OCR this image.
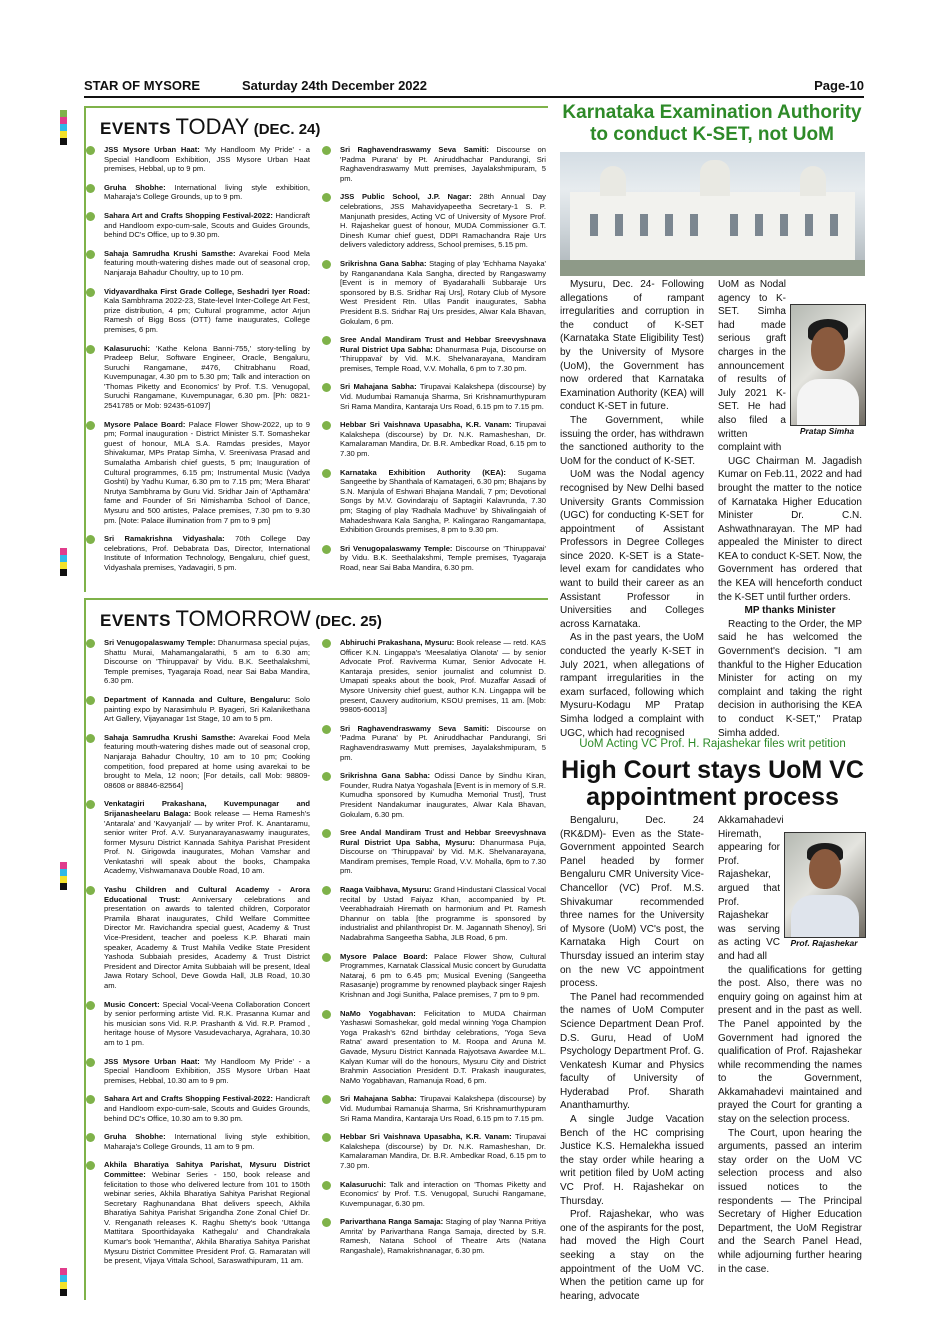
STAR OF MYSORE	Saturday 24th December 2022	Page-10
EVENTS TODAY (DEC. 24)
JSS Mysore Urban Haat: 'My Handloom My Pride' - a Special Handloom Exhibition, JSS Mysore Urban Haat premises, Hebbal, up to 9 pm.
Gruha Shobhe: International living style exhibition, Maharaja's College Grounds, up to 9 pm.
Sahara Art and Crafts Shopping Festival-2022: Handicraft and Handloom expo-cum-sale, Scouts and Guides Grounds, behind DC's Office, up to 9.30 pm.
Sahaja Samrudha Krushi Samsthe: Avarekai Food Mela featuring mouth-watering dishes made out of seasonal crop, Nanjaraja Bahadur Choultry, up to 10 pm.
Vidyavardhaka First Grade College, Seshadri Iyer Road: Kala Sambhrama 2022-23, State-level Inter-College Art Fest, prize distribution, 4 pm; Cultural programme, actor Arjun Ramesh of Bigg Boss (OTT) fame inaugurates, College premises, 6 pm.
Kalasuruchi: 'Kathe Kelona Banni-755,' story-telling by Pradeep Belur, Software Engineer, Oracle, Bengaluru, Suruchi Rangamane, #476, Chitrabhanu Road, Kuvempunagar, 4.30 pm to 5.30 pm; Talk and interaction on 'Thomas Piketty and Economics' by Prof. T.S. Venugopal, Suruchi Rangamane, Kuvempunagar, 6.30 pm. [Ph: 0821-2541785 or Mob: 92435-61097]
Mysore Palace Board: Palace Flower Show-2022, up to 9 pm; Formal inauguration - District Minister S.T. Somashekar guest of honour, MLA S.A. Ramdas presides, Mayor Shivakumar, MPs Pratap Simha, V. Sreenivasa Prasad and Sumalatha Ambarish chief guests, 5 pm; Inauguration of Cultural programmes, 6.15 pm; Instrumental Music (Vadya Goshti) by Yadhu Kumar, 6.30 pm to 7.15 pm; 'Mera Bharat' Nrutya Sambhrama by Guru Vid. Sridhar Jain of 'Apthamāra' fame and Founder of Sri Nimishamba School of Dance, Mysuru and 500 artistes, Palace premises, 7.30 pm to 9.30 pm. [Note: Palace illumination from 7 pm to 9 pm]
Sri Ramakrishna Vidyashala: 70th College Day celebrations, Prof. Debabrata Das, Director, International Institute of Information Technology, Bengaluru, chief guest, Vidyashala premises, Yadavagiri, 5 pm.
Sri Raghavendraswamy Seva Samiti: Discourse on 'Padma Purana' by Pt. Aniruddhachar Pandurangi, Sri Raghavendraswamy Mutt premises, Jayalakshmipuram, 5 pm.
JSS Public School, J.P. Nagar: 28th Annual Day celebrations, JSS Mahavidyapeetha Secretary-1 S. P. Manjunath presides, Acting VC of University of Mysore Prof. H. Rajashekar guest of honour, MUDA Commissioner G.T. Dinesh Kumar chief guest, DDPI Ramachandra Raje Urs delivers valedictory address, School premises, 5.15 pm.
Srikrishna Gana Sabha: Staging of play 'Echhama Nayaka' by Ranganandana Kala Sangha, directed by Rangaswamy [Event is in memory of Byadarahalli Subbaraje Urs sponsored by B.S. Sridhar Raj Urs], Rotary Club of Mysore West President Rtn. Ullas Pandit inaugurates, Sabha President B.S. Sridhar Raj Urs presides, Alwar Kala Bhavan, Gokulam, 6 pm.
Sree Andal Mandiram Trust and Hebbar Sreevyshnava Rural District Upa Sabha: Dhanurmasa Puja, Discourse on 'Thiruppavai' by Vid. M.K. Shelvanarayana, Mandiram premises, Temple Road, V.V. Mohalla, 6 pm to 7.30 pm.
Sri Mahajana Sabha: Tirupavai Kalakshepa (discourse) by Vid. Mudumbai Ramanuja Sharma, Sri Krishnamurthypuram Sri Rama Mandira, Kantaraja Urs Road, 6.15 pm to 7.15 pm.
Hebbar Sri Vaishnava Upasabha, K.R. Vanam: Tirupavai Kalakshepa (discourse) by Dr. N.K. Ramasheshan, Dr. Kamalaraman Mandira, Dr. B.R. Ambedkar Road, 6.15 pm to 7.30 pm.
Karnataka Exhibition Authority (KEA): Sugama Sangeethe by Shanthala of Kamatageri, 6.30 pm; Bhajans by S.N. Manjula of Eshwari Bhajana Mandali, 7 pm; Devotional Songs by M.V. Govindaraju of Saptagiri Kalavrunda, 7.30 pm; Staging of play 'Radhala Madhuve' by Shivalingaiah of Mahadeshwara Kala Sangha, P. Kalingarao Rangamantapa, Exhibition Grounds premises, 8 pm to 9.30 pm.
Sri Venugopalaswamy Temple: Discourse on 'Thiruppavai' by Vidu. B.K. Seethalakshmi, Temple premises, Tyagaraja Road, near Sai Baba Mandira, 6.30 pm.
EVENTS TOMORROW (DEC. 25)
Sri Venugopalaswamy Temple: Dhanurmasa special pujas, Shattu Murai, Mahamangalarathi, 5 am to 6.30 am; Discourse on 'Thiruppavai' by Vidu. B.K. Seethalakshmi, Temple premises, Tyagaraja Road, near Sai Baba Mandira, 6.30 pm.
Department of Kannada and Culture, Bengaluru: Solo painting expo by Narasimhulu P. Byageri, Sri Kalanikethana Art Gallery, Vijayanagar 1st Stage, 10 am to 5 pm.
Sahaja Samrudha Krushi Samsthe: Avarekai Food Mela featuring mouth-watering dishes made out of seasonal crop, Nanjaraja Bahadur Choultry, 10 am to 10 pm; Cooking competition, food prepared at home using avarekai to be brought to Mela, 12 noon; [For details, call Mob: 98809-08608 or 88846-82564]
Venkatagiri Prakashana, Kuvempunagar and Srijanashеelaru Balaga: Book release — Hema Ramesh's 'Antarala' and 'Kavyanjali' — by writer Prof. K. Anantaramu, senior writer Prof. A.V. Suryanarayanaswamy inaugurates, former Mysuru District Kannada Sahitya Parishat President Prof. N. Girigowda inaugurates, Mohan Vamshar and Venkatashri will speak about the books, Champaka Academy, Vishwamanava Double Road, 10 am.
Yashu Children and Cultural Academy - Arora Educational Trust: Anniversary celebrations and presentation on awards to talented children, Corporator Pramila Bharat inaugurates, Child Welfare Committee Director Mr. Ravichandra special guest, Academy & Trust Vice-President, teacher and poeless K.P. Bharati main speaker, Academy & Trust Mahila Vedike State President Yashoda Subbaiah presides, Academy & Trust District President and Director Amita Subbaiah will be present, Ideal Jawa Rotary School, Deve Gowda Hall, JLB Road, 10.30 am.
Music Concert: Special Vocal-Veena Collaboration Concert by senior performing artiste Vid. R.K. Prasanna Kumar and his musician sons Vid. R.P. Prashanth & Vid. R.P. Pramod , heritage house of Mysore Vasudevacharya, Agrahara, 10.30 am to 1 pm.
JSS Mysore Urban Haat: 'My Handloom My Pride' - a Special Handloom Exhibition, JSS Mysore Urban Haat premises, Hebbal, 10.30 am to 9 pm.
Sahara Art and Crafts Shopping Festival-2022: Handicraft and Handloom expo-cum-sale, Scouts and Guides Grounds, behind DC's Office, 10.30 am to 9.30 pm.
Gruha Shobhe: International living style exhibition, Maharaja's College Grounds, 11 am to 9 pm.
Akhila Bharatiya Sahitya Parishat, Mysuru District Committee: Webinar Series - 150, book release and felicitation to those who delivered lecture from 101 to 150th webinar series, Akhila Bharatiya Sahitya Parishat Regional Secretary Raghunandana Bhat delivers speech, Akhila Bharatiya Sahitya Parishat Srigandha Zone Zonal Chief Dr. V. Renganath releases K. Raghu Shetty's book 'Uttanga Mattitara Spoorthidayaka Kathegalu' and Chandrakala Kumar's book 'Hemantha', Akhila Bharatiya Sahitya Parishat Mysuru District Committee President Prof. G. Ramaratan will be present, Vijaya Vittala School, Saraswathipuram, 11 am.
Abhiruchi Prakashana, Mysuru: Book release — retd. KAS Officer K.N. Lingappa's 'Meesalatiya Olanota' — by senior Advocate Prof. Raviverma Kumar, Senior Advocate H. Kantaraja presides, senior journalist and columnist D. Umapati speaks about the book, Prof. Muzaffar Assadi of Mysore University chief guest, author K.N. Lingappa will be present, Cauvery auditorium, KSOU premises, 11 am. [Mob: 99805-60013]
Sri Raghavendraswamy Seva Samiti: Discourse on 'Padma Purana' by Pt. Aniruddhachar Pandurangi, Sri Raghavendraswamy Mutt premises, Jayalakshmipuram, 5 pm.
Srikrishna Gana Sabha: Odissi Dance by Sindhu Kiran, Founder, Rudra Natya Yogashala [Event is in memory of S.R. Kumudha sponsored by Kumudha Memorial Trust], Trust President Nandakumar inaugurates, Alwar Kala Bhavan, Gokulam, 6.30 pm.
Sree Andal Mandiram Trust and Hebbar Sreevyshnava Rural District Upa Sabha, Mysuru: Dhanurmasa Puja, Discourse on 'Thiruppavai' by Vid. M.K. Shelvanarayana, Mandiram premises, Temple Road, V.V. Mohalla, 6pm to 7.30 pm.
Raaga Vaibhava, Mysuru: Grand Hindustani Classical Vocal recital by Ustad Faiyaz Khan, accompanied by Pt. Veerabhadraiah Hiremath on harmonium and Pt. Ramesh Dhannur on tabla [the programme is sponsored by industrialist and philanthropist Dr. M. Jagannath Shenoy], Sri Nadabrahma Sangeetha Sabha, JLB Road, 6 pm.
Mysore Palace Board: Palace Flower Show, Cultural Programmes, Karnatak Classical Music concert by Gurudatta Nataraj, 6 pm to 6.45 pm; Musical Evening (Sangeetha Rasasanje) programme by renowned playback singer Rajesh Krishnan and Jogi Sunitha, Palace premises, 7 pm to 9 pm.
NaMo Yogabhavan: Felicitation to MUDA Chairman Yashaswi Somashekar, gold medal winning Yoga Champion Yoga Prakash's 62nd birthday celebrations, 'Yoga Seva Ratna' award presentation to M. Roopa and Aruna M. Gavade, Mysuru District Kannada Rajyotsava Awardee M.L. Kalyan Kumar will do the honours, Mysuru City and District Brahmin Association President D.T. Prakash inaugurates, NaMo Yogabhavan, Ramanuja Road, 6 pm.
Sri Mahajana Sabha: Tirupavai Kalakshepa (discourse) by Vid. Mudumbai Ramanuja Sharma, Sri Krishnamurthypuram Sri Rama Mandira, Kantaraja Urs Road, 6.15 pm to 7.15 pm.
Hebbar Sri Vaishnava Upasabha, K.R. Vanam: Tirupavai Kalakshepa (discourse) by Dr. N.K. Ramasheshan, Dr. Kamalaraman Mandira, Dr. B.R. Ambedkar Road, 6.15 pm to 7.30 pm.
Kalasuruchi: Talk and interaction on 'Thomas Piketty and Economics' by Prof. T.S. Venugopal, Suruchi Rangamane, Kuvempunagar, 6.30 pm.
Parivarthana Ranga Samaja: Staging of play 'Nanna Pritiya Amrita' by Parivarthana Ranga Samaja, directed by S.R. Ramesh, Natana School of Theatre Arts (Natana Rangashale), Ramakrishnanagar, 6.30 pm.
Karnataka Examination Authority to conduct K-SET, not UoM

Mysuru, Dec. 24- Following allegations of rampant irregularities and corruption in the conduct of K-SET (Karnataka State Eligibility Test) by the University of Mysore (UoM), the Government has now ordered that Karnataka Examination Authority (KEA) will conduct K-SET in future.

The Government, while issuing the order, has withdrawn the sanctioned authority to the UoM for the conduct of K-SET.

UoM was the Nodal agency recognised by New Delhi based University Grants Commission (UGC) for conducting K-SET for appointment of Assistant Professors in Degree Colleges since 2020. K-SET is a State-level exam for candidates who want to build their career as an Assistant Professor in Universities and Colleges across Karnataka.

As in the past years, the UoM conducted the yearly K-SET in July 2021, when allegations of rampant irregularities in the exam surfaced, following which Mysuru-Kodagu MP Pratap Simha lodged a complaint with UGC, which had recognised

UoM as Nodal agency to K-SET. Simha had made serious graft charges in the announcement of results of July 2021 K-SET. He had also filed a written complaint with

UGC Chairman M. Jagadish Kumar on Feb.11, 2022 and had brought the matter to the notice of Karnataka Higher Education Minister Dr. C.N. Ashwathnarayan. The MP had appealed the Minister to direct KEA to conduct K-SET. Now, the Government has ordered that the KEA will henceforth conduct the K-SET until further orders.

MP thanks Minister

Reacting to the Order, the MP said he has welcomed the Government's decision. "I am thankful to the Higher Education Minister for acting on my complaint and taking the right decision in authorising the KEA to conduct K-SET," Pratap Simha added.

Pratap Simha
UoM Acting VC Prof. H. Rajashekar files writ petition
High Court stays UoM VC appointment process

Bengaluru, Dec. 24 (RK&DM)- Even as the State-Government appointed Search Panel headed by former Bengaluru CMR University Vice-Chancellor (VC) Prof. M.S. Shivakumar recommended three names for the University of Mysore (UoM) VC's post, the Karnataka High Court on Thursday issued an interim stay on the new VC appointment process.

The Panel had recommended the names of UoM Computer Science Department Dean Prof. D.S. Guru, Head of UoM Psychology Department Prof. G. Venkatesh Kumar and Physics faculty of University of Hyderabad Prof. Sharath Ananthamurthy.

A single Judge Vacation Bench of the HC comprising Justice K.S. Hemalekha issued the stay order while hearing a writ petition filed by UoM acting VC Prof. H. Rajashekar on Thursday.

Prof. Rajashekar, who was one of the aspirants for the post, had moved the High Court seeking a stay on the appointment of the UoM VC. When the petition came up for hearing, advocate

Akkamahadevi Hiremath, appearing for Prof. Rajashekar, argued that Prof. Rajashekar was serving as acting VC and had all

the qualifications for getting the post. Also, there was no enquiry going on against him at present and in the past as well. The Panel appointed by the Government had ignored the qualification of Prof. Rajashekar while recommending the names to the Government, Akkamahadevi maintained and prayed the Court for granting a stay on the selection process.

The Court, upon hearing the arguments, passed an interim stay order on the UoM VC selection process and also issued notices to the respondents — The Principal Secretary of Higher Education Department, the UoM Registrar and the Search Panel Head, while adjourning further hearing in the case.

Prof. Rajashekar
